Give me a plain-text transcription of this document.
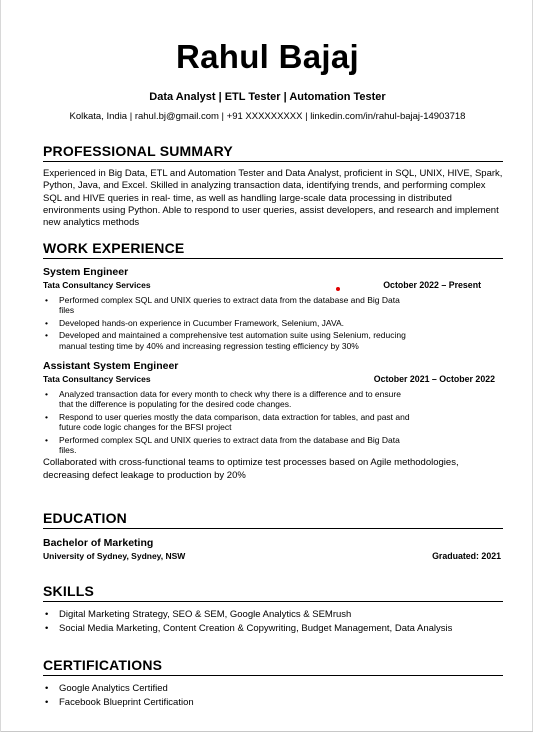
Rahul Bajaj
Data Analyst | ETL Tester | Automation Tester
Kolkata, India | rahul.bj@gmail.com | +91 XXXXXXXXX | linkedin.com/in/rahul-bajaj-14903718
PROFESSIONAL SUMMARY

Experienced in Big Data, ETL and Automation Tester and Data Analyst, proficient in SQL, UNIX, HIVE, Spark, Python, Java, and Excel. Skilled in analyzing transaction data, identifying trends, and performing complex SQL and HIVE queries in real- time, as well as handling large-scale data processing in distributed environments using Python. Able to respond to user queries, assist developers, and research and implement new analytics methods

WORK EXPERIENCE

System Engineer

Tata Consultancy Services	October 2022 – Present
• Performed complex SQL and UNIX queries to extract data from the database and Big Data files
• Developed hands-on experience in Cucumber Framework, Selenium, JAVA.
• Developed and maintained a comprehensive test automation suite using Selenium, reducing manual testing time by 40% and increasing regression testing efficiency by 30%

Assistant System Engineer

Tata Consultancy Services	October 2021 – October 2022
• Analyzed transaction data for every month to check why there is a difference and to ensure that the difference is populating for the desired code changes.
• Respond to user queries mostly the data comparison, data extraction for tables, and past and future code logic changes for the BFSI project
• Performed complex SQL and UNIX queries to extract data from the database and Big Data files.

Collaborated with cross-functional teams to optimize test processes based on Agile methodologies, decreasing defect leakage to production by 20%

EDUCATION

Bachelor of Marketing

University of Sydney, Sydney, NSW	Graduated: 2021
SKILLS
• Digital Marketing Strategy, SEO & SEM, Google Analytics & SEMrush
• Social Media Marketing, Content Creation & Copywriting, Budget Management, Data Analysis
CERTIFICATIONS
• Google Analytics Certified
• Facebook Blueprint Certification
